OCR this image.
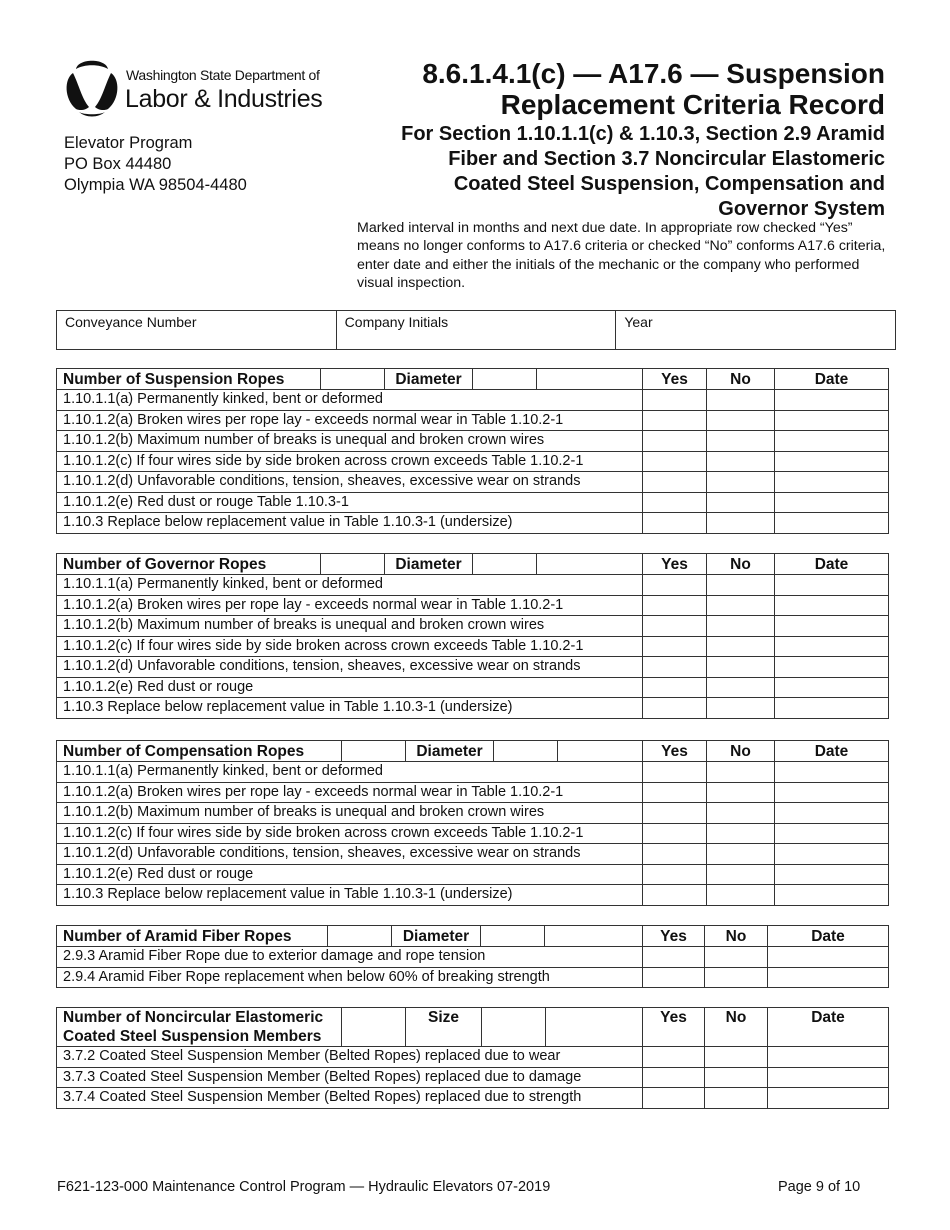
Washington State Department of
Labor & Industries
Elevator Program
PO Box 44480
Olympia WA 98504-4480
8.6.1.4.1(c) — A17.6 — Suspension
Replacement Criteria Record
For Section 1.10.1.1(c) & 1.10.3, Section 2.9 Aramid
Fiber and Section 3.7 Noncircular Elastomeric
Coated Steel Suspension, Compensation and
Governor System
Marked interval in months and next due date. In appropriate row checked “Yes” means no longer conforms to A17.6 criteria or checked “No” conforms A17.6 criteria, enter date and either the initials of the mechanic or the company who performed visual inspection.
Conveyance Number	Company Initials	Year
Number of Suspension Ropes		Diameter			Yes	No	Date
1.10.1.1(a) Permanently kinked, bent or deformed							
1.10.1.2(a) Broken wires per rope lay - exceeds normal wear in Table 1.10.2-1							
1.10.1.2(b) Maximum number of breaks is unequal and broken crown wires							
1.10.1.2(c) If four wires side by side broken across crown exceeds Table 1.10.2-1							
1.10.1.2(d) Unfavorable conditions, tension, sheaves, excessive wear on strands							
1.10.1.2(e) Red dust or rouge Table 1.10.3-1							
1.10.3 Replace below replacement value in Table 1.10.3-1 (undersize)							
Number of Governor Ropes		Diameter			Yes	No	Date
1.10.1.1(a) Permanently kinked, bent or deformed							
1.10.1.2(a) Broken wires per rope lay - exceeds normal wear in Table 1.10.2-1							
1.10.1.2(b) Maximum number of breaks is unequal and broken crown wires							
1.10.1.2(c) If four wires side by side broken across crown exceeds Table 1.10.2-1							
1.10.1.2(d) Unfavorable conditions, tension, sheaves, excessive wear on strands							
1.10.1.2(e) Red dust or rouge							
1.10.3 Replace below replacement value in Table 1.10.3-1 (undersize)							
Number of Compensation Ropes		Diameter			Yes	No	Date
1.10.1.1(a) Permanently kinked, bent or deformed							
1.10.1.2(a) Broken wires per rope lay - exceeds normal wear in Table 1.10.2-1							
1.10.1.2(b) Maximum number of breaks is unequal and broken crown wires							
1.10.1.2(c) If four wires side by side broken across crown exceeds Table 1.10.2-1							
1.10.1.2(d) Unfavorable conditions, tension, sheaves, excessive wear on strands							
1.10.1.2(e) Red dust or rouge							
1.10.3 Replace below replacement value in Table 1.10.3-1 (undersize)							
Number of Aramid Fiber Ropes		Diameter			Yes	No	Date
2.9.3 Aramid Fiber Rope due to exterior damage and rope tension							
2.9.4 Aramid Fiber Rope replacement when below 60% of breaking strength							
Number of Noncircular Elastomeric
Coated Steel Suspension Members		Size			Yes	No	Date
3.7.2 Coated Steel Suspension Member (Belted Ropes) replaced due to wear							
3.7.3 Coated Steel Suspension Member (Belted Ropes) replaced due to damage							
3.7.4 Coated Steel Suspension Member (Belted Ropes) replaced due to strength							
F621-123-000 Maintenance Control Program — Hydraulic Elevators 07-2019	Page 9 of 10
